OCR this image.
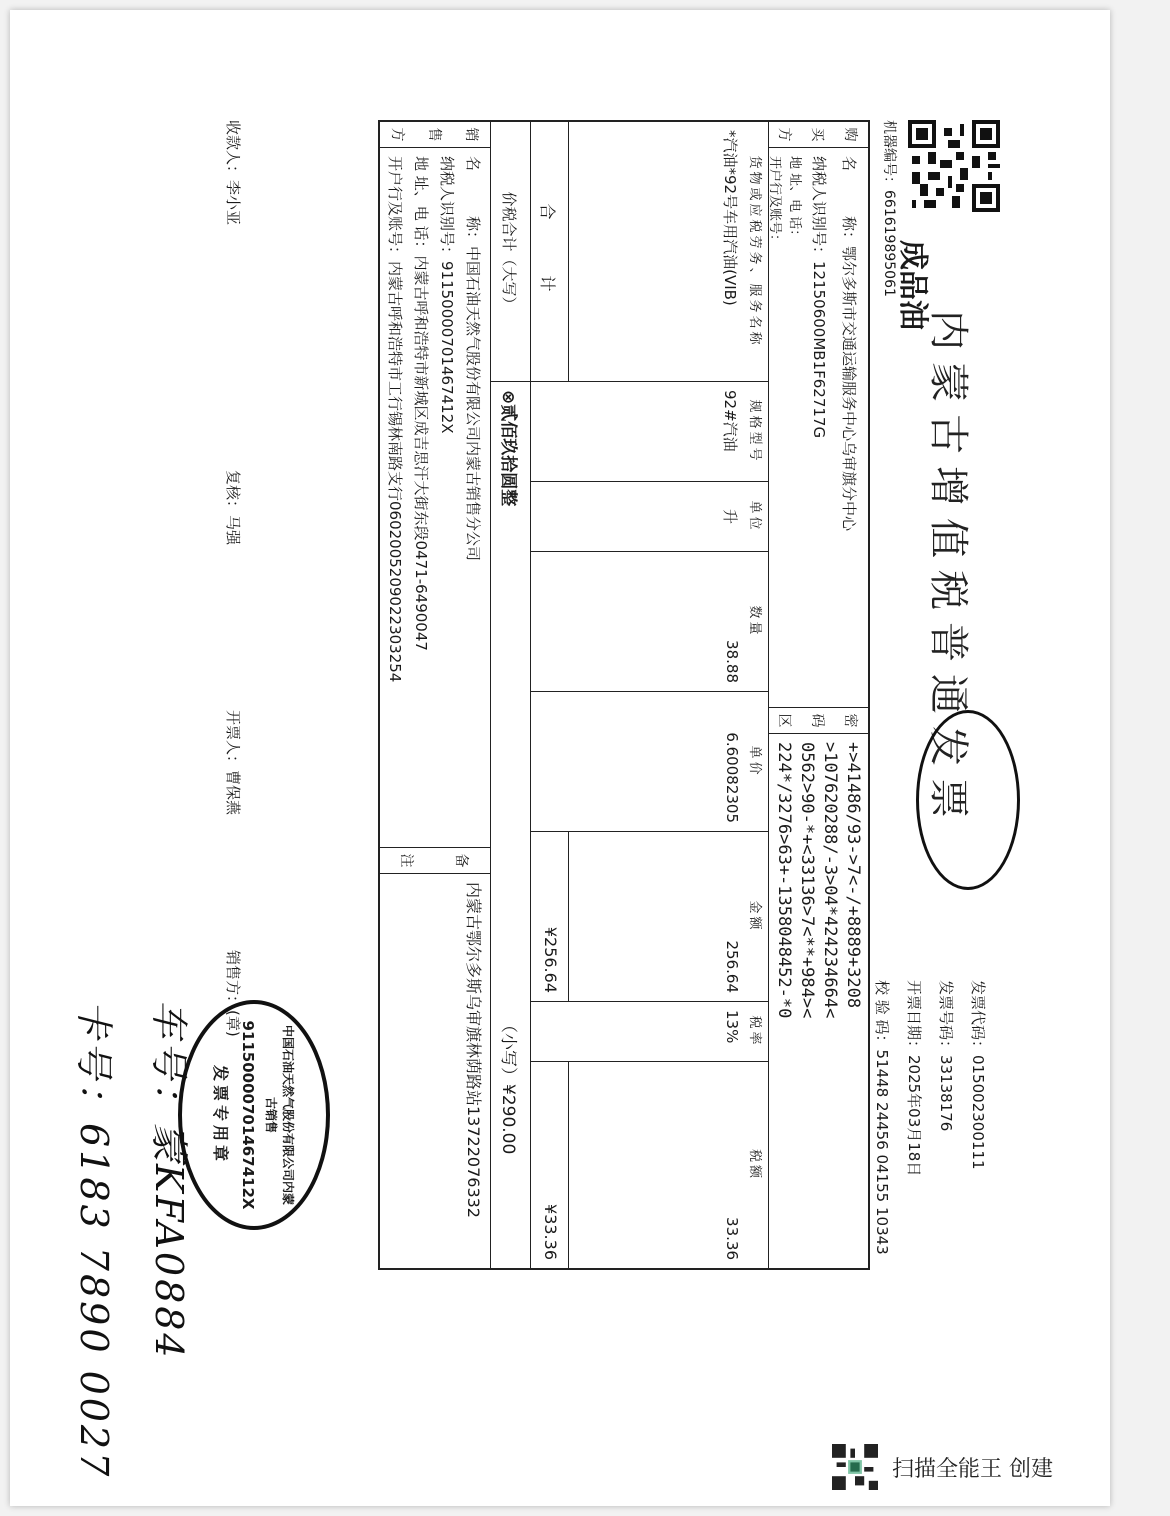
内蒙古增值税普通发票
成品油
机器编号：661619895061
发票代码：015002300111
发票号码：33138176
开票日期：2025年03月18日
校 验 码：51448 24456 04155 10343
购
买
方
名　　　称：鄂尔多斯市交通运输服务中心乌审旗分中心
纳税人识别号：12150600MB1F62717G
地 址、电 话：
开户行及账号：
密
码
区
+>41486/93->7<-/+8889+3208
>107620288/-3>04*424234664<
0562>90-*+<33136>7<**+984><
224*/3276>63+-1358048452-*0
货物或应税劳务、服务名称
*汽油*92号车用汽油(VIB)
合　　计
规格型号
92#汽油
单位
升
数量
38.88
单价
6.60082305
金额
256.64
¥256.64
税率
13%
税额
33.36
¥33.36
价税合计（大写）
⊗贰佰玖拾圆整
（小写）¥290.00
销
售
方
名　　　称：中国石油天然气股份有限公司内蒙古销售分公司
纳税人识别号：91150000701467412X
地 址、电 话：内蒙古呼和浩特市新城区成吉思汗大街东段0471-6490047
开户行及账号：内蒙古呼和浩特市工行锡林南路支行0602005209022303254
备
注
内蒙古鄂尔多斯乌审旗林荫路站13722076332
收款人：李小亚
复核：马强
开票人：曹保燕
销售方：(章)
中国石油天然气股份有限公司内蒙古销售
91150000701467412X
发票专用章
车号：蒙KFA0884
卡号：6183 7890 0027	扫描全能王 创建
